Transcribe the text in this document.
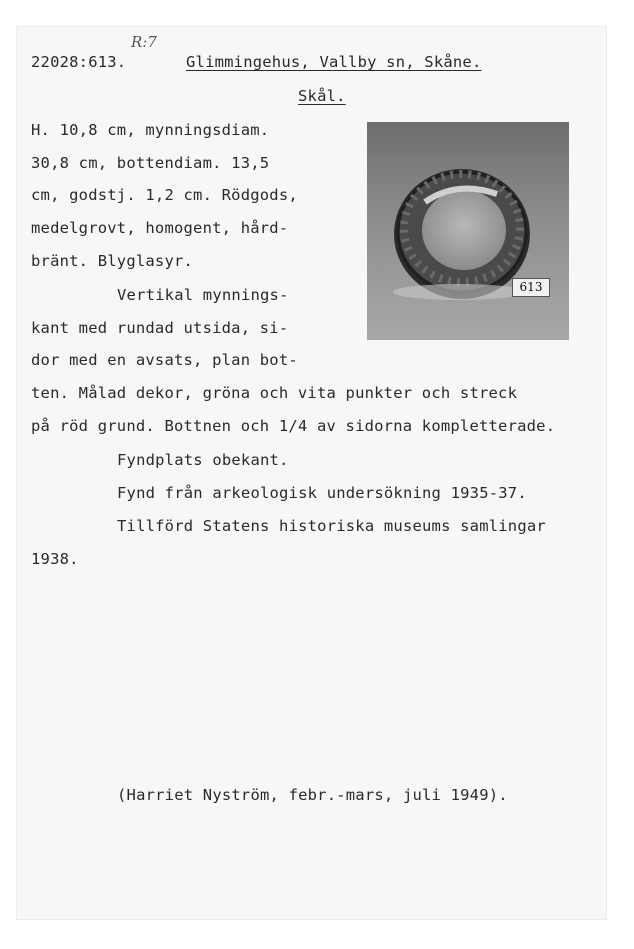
R:7
22028:613.	Glimmingehus, Vallby sn, Skåne.
Skål.
H. 10,8 cm, mynningsdiam.
30,8 cm, bottendiam. 13,5
cm, godstj. 1,2 cm. Rödgods,
medelgrovt, homogent, hård-
bränt. Blyglasyr.
Vertikal mynnings-
kant med rundad utsida, si-
dor med en avsats, plan bot-
ten. Målad dekor, gröna och vita punkter och streck
på röd grund. Bottnen och 1/4 av sidorna kompletterade.
Fyndplats obekant.
Fynd från arkeologisk undersökning 1935-37.
Tillförd Statens historiska museums samlingar
1938.
613
(Harriet Nyström, febr.-mars, juli 1949).
